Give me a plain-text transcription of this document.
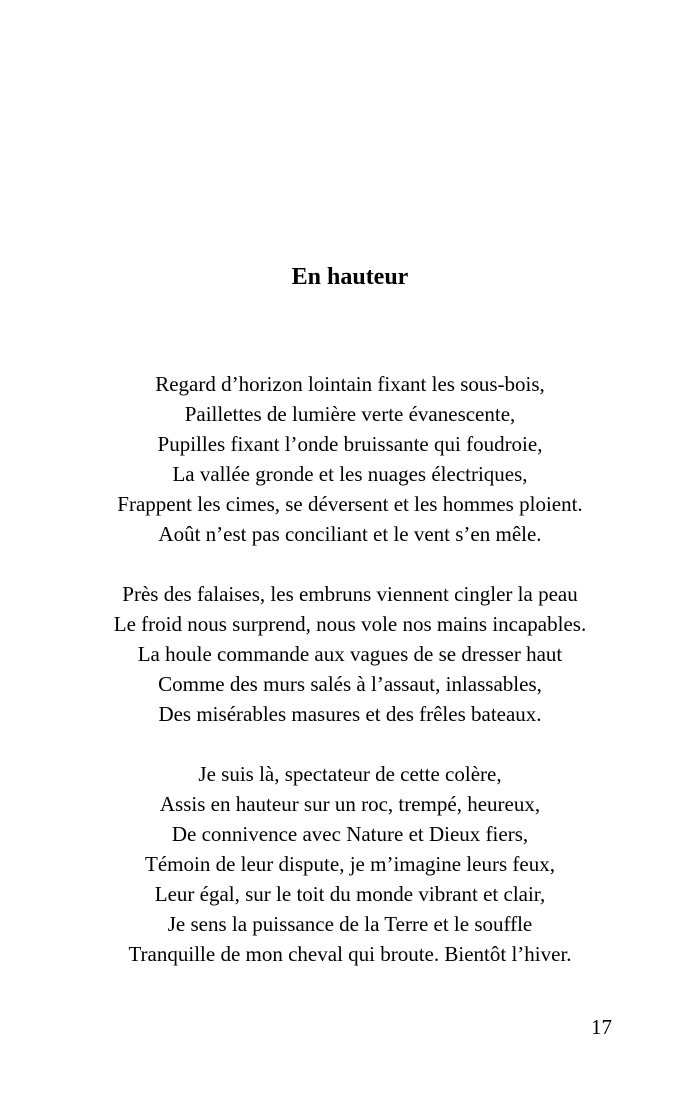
En hauteur
Regard d’horizon lointain fixant les sous-bois,
Paillettes de lumière verte évanescente,
Pupilles fixant l’onde bruissante qui foudroie,
La vallée gronde et les nuages électriques,
Frappent les cimes, se déversent et les hommes ploient.
Août n’est pas conciliant et le vent s’en mêle.
Près des falaises, les embruns viennent cingler la peau
Le froid nous surprend, nous vole nos mains incapables.
La houle commande aux vagues de se dresser haut
Comme des murs salés à l’assaut, inlassables,
Des misérables masures et des frêles bateaux.
Je suis là, spectateur de cette colère,
Assis en hauteur sur un roc, trempé, heureux,
De connivence avec Nature et Dieux fiers,
Témoin de leur dispute, je m’imagine leurs feux,
Leur égal, sur le toit du monde vibrant et clair,
Je sens la puissance de la Terre et le souffle
Tranquille de mon cheval qui broute. Bientôt l’hiver.
17
